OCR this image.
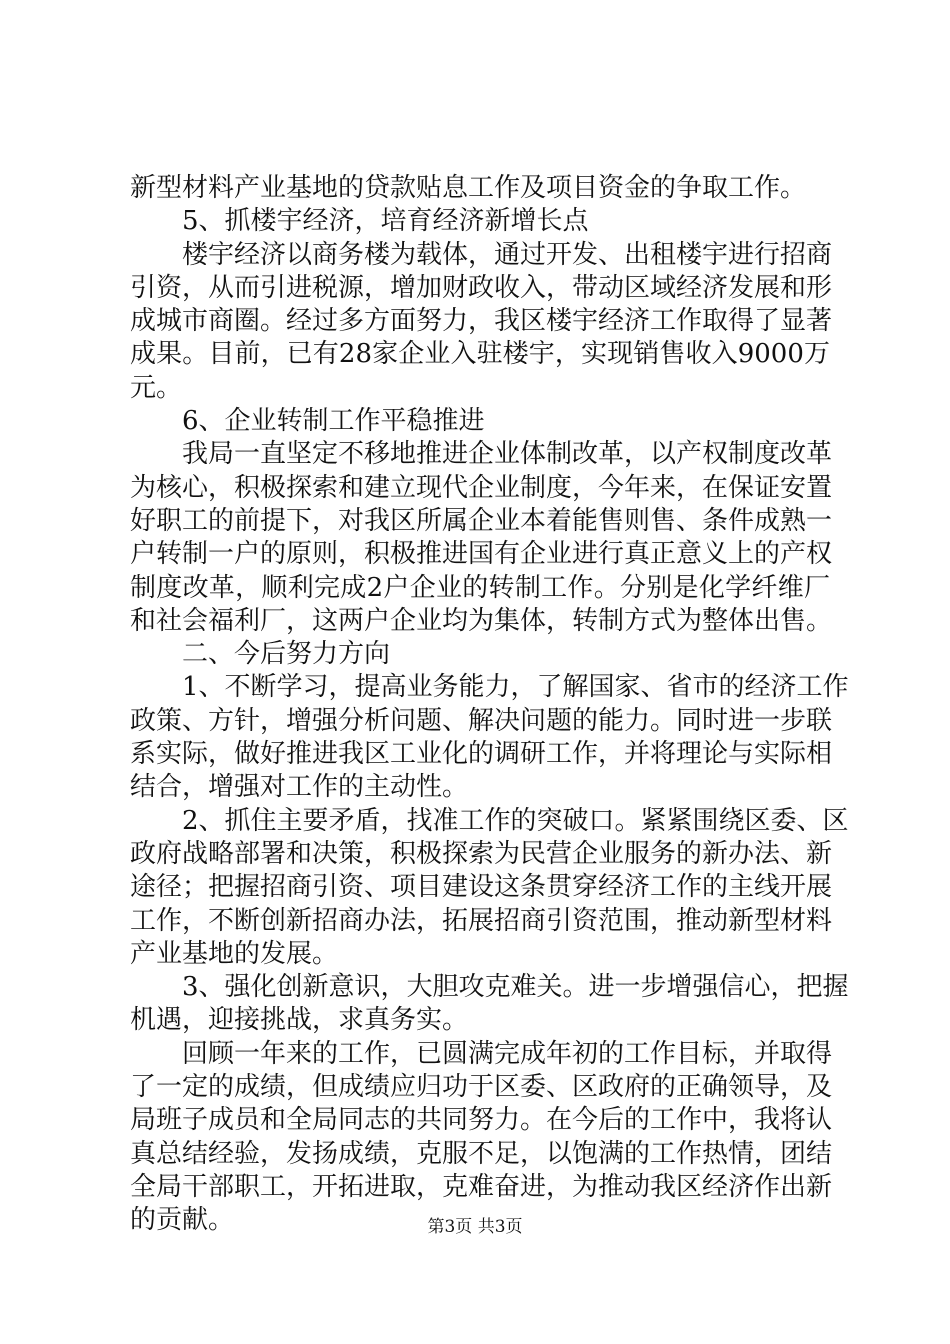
新型材料产业基地的贷款贴息工作及项目资金的争取工作。
5、抓楼宇经济，培育经济新增长点
楼宇经济以商务楼为载体，通过开发、出租楼宇进行招商
引资，从而引进税源，增加财政收入，带动区域经济发展和形
成城市商圈。经过多方面努力，我区楼宇经济工作取得了显著
成果。目前，已有28家企业入驻楼宇，实现销售收入9000万
元。
6、企业转制工作平稳推进
我局一直坚定不移地推进企业体制改革，以产权制度改革
为核心，积极探索和建立现代企业制度，今年来，在保证安置
好职工的前提下，对我区所属企业本着能售则售、条件成熟一
户转制一户的原则，积极推进国有企业进行真正意义上的产权
制度改革，顺利完成2户企业的转制工作。分别是化学纤维厂
和社会福利厂，这两户企业均为集体，转制方式为整体出售。
二、今后努力方向
1、不断学习，提高业务能力，了解国家、省市的经济工作
政策、方针，增强分析问题、解决问题的能力。同时进一步联
系实际，做好推进我区工业化的调研工作，并将理论与实际相
结合，增强对工作的主动性。
2、抓住主要矛盾，找准工作的突破口。紧紧围绕区委、区
政府战略部署和决策，积极探索为民营企业服务的新办法、新
途径；把握招商引资、项目建设这条贯穿经济工作的主线开展
工作，不断创新招商办法，拓展招商引资范围，推动新型材料
产业基地的发展。
3、强化创新意识，大胆攻克难关。进一步增强信心，把握
机遇，迎接挑战，求真务实。
回顾一年来的工作，已圆满完成年初的工作目标，并取得
了一定的成绩，但成绩应归功于区委、区政府的正确领导，及
局班子成员和全局同志的共同努力。在今后的工作中，我将认
真总结经验，发扬成绩，克服不足，以饱满的工作热情，团结
全局干部职工，开拓进取，克难奋进，为推动我区经济作出新
的贡献。	第3页 共3页
